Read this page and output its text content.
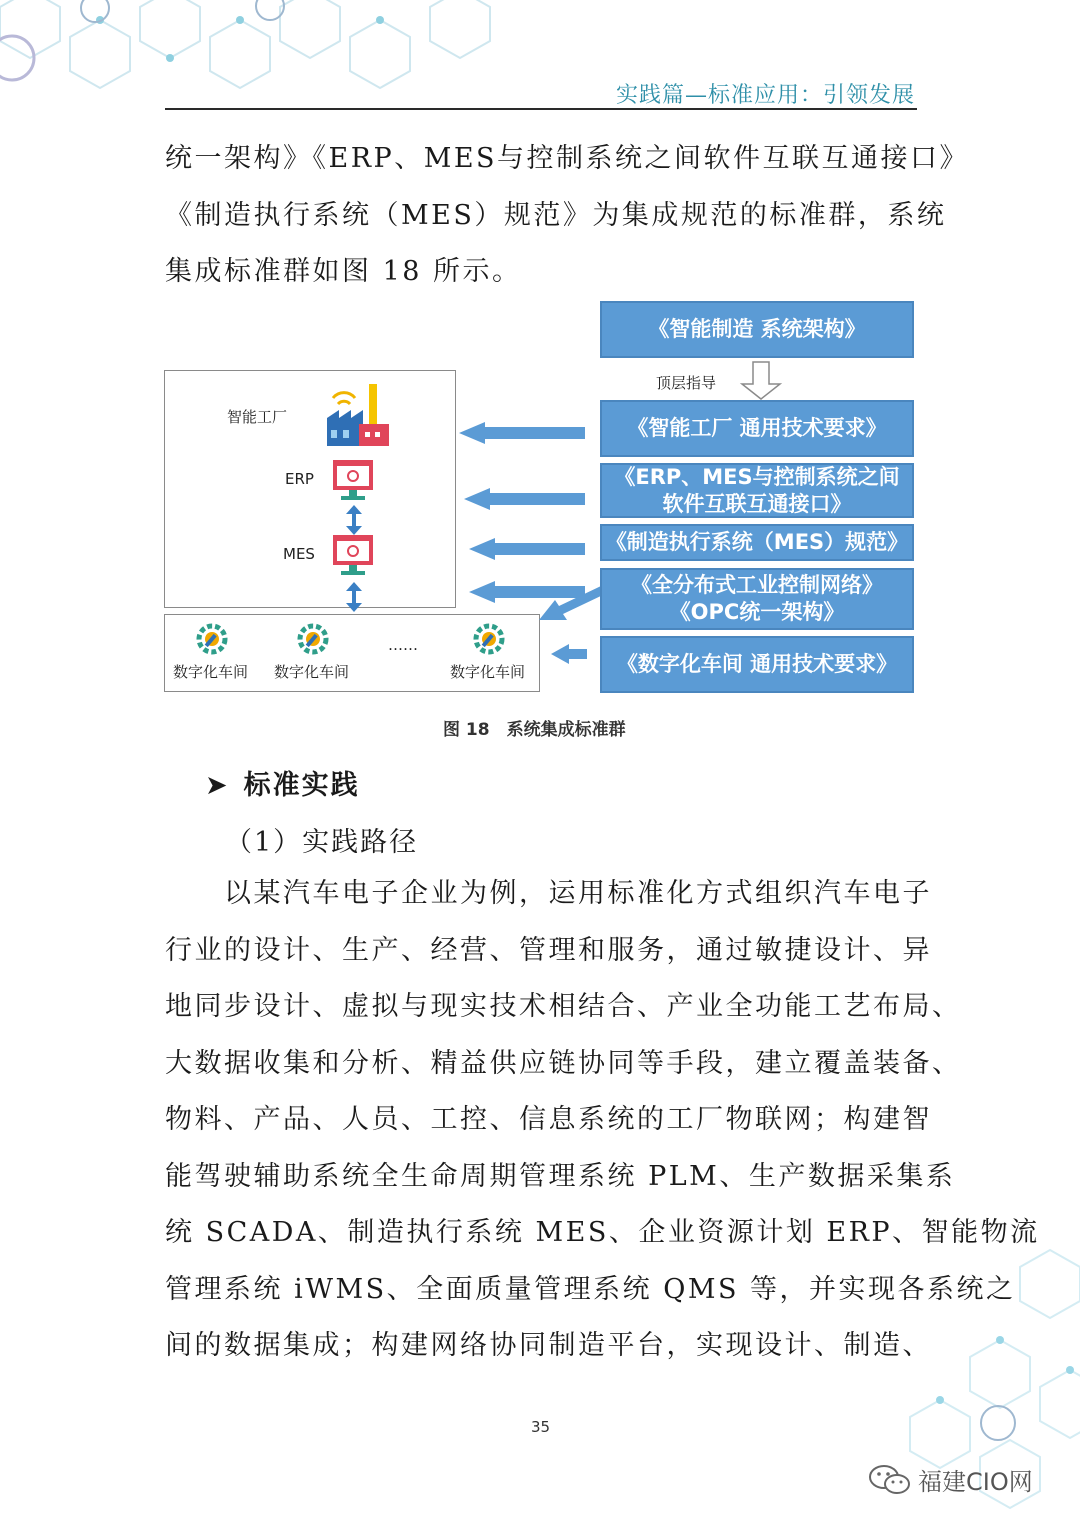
实践篇—标准应用：引领发展
统一架构》《ERP、MES与控制系统之间软件互联互通接口》
《制造执行系统（MES）规范》为集成规范的标准群，系统
集成标准群如图 18 所示。
智能工厂
ERP
MES
数字化车间 数字化车间
……
数字化车间
顶层指导
《智能制造 系统架构》
《智能工厂 通用技术要求》
《ERP、MES与控制系统之间
软件互联互通接口》
《制造执行系统（MES）规范》
《全分布式工业控制网络》
《OPC统一架构》
《数字化车间 通用技术要求》
图 18　系统集成标准群
➤ 标准实践
（1）实践路径
以某汽车电子企业为例，运用标准化方式组织汽车电子
行业的设计、生产、经营、管理和服务，通过敏捷设计、异
地同步设计、虚拟与现实技术相结合、产业全功能工艺布局、
大数据收集和分析、精益供应链协同等手段，建立覆盖装备、
物料、产品、人员、工控、信息系统的工厂物联网；构建智
能驾驶辅助系统全生命周期管理系统 PLM、生产数据采集系
统 SCADA、制造执行系统 MES、企业资源计划 ERP、智能物流
管理系统 iWMS、全面质量管理系统 QMS 等，并实现各系统之
间的数据集成；构建网络协同制造平台，实现设计、制造、
35
福建CIO网
